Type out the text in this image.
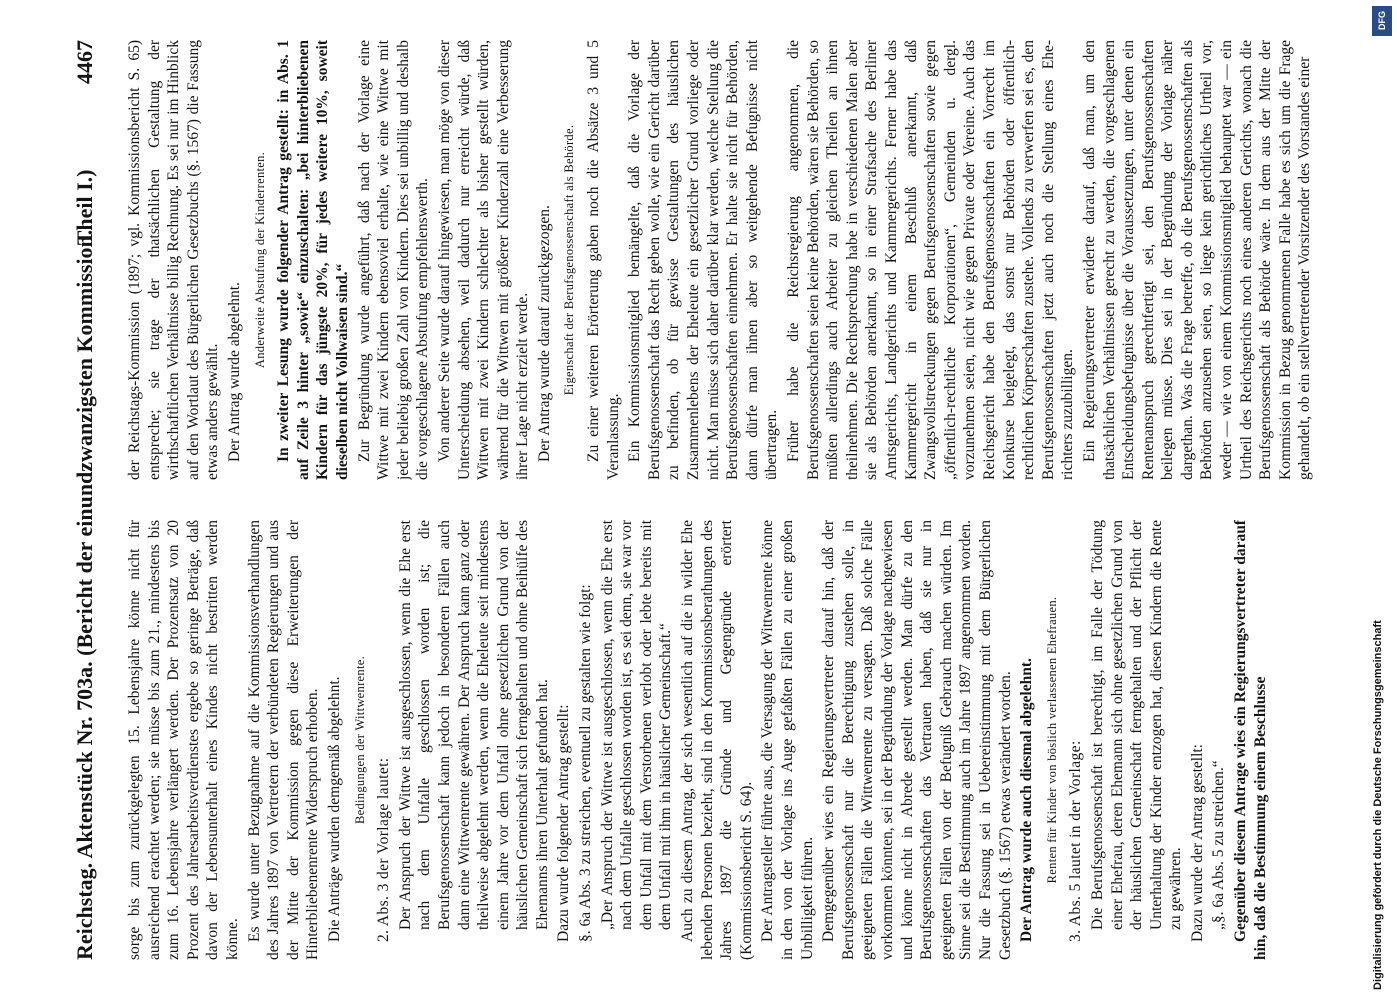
Reichstag. Aktenstück Nr. 703a. (Bericht der einundzwanzigsten Kommission.
Theil I.) 4467

sorge bis zum zurückgelegten 15. Lebensjahre könne nicht für ausreichend erachtet werden; sie müsse bis zum 21., mindestens bis zum 16. Lebensjahre verlängert werden. Der Prozentsatz von 20 Prozent des Jahresarbeitsverdienstes ergebe so geringe Beträge, daß davon der Lebensunterhalt eines Kindes nicht bestritten werden könne. Es wurde unter Bezugnahme auf die Kommissionsverhandlungen des Jahres 1897 von Vertretern der verbündeten Regierungen und aus der Mitte der Kommission gegen diese Erweiterungen der Hinterbliebenenrente Widerspruch erhoben. Die Anträge wurden demgemäß abgelehnt. Bedingungen der Wittwenrente.

2. Abs. 3 der Vorlage lautet: Der Anspruch der Wittwe ist ausgeschlossen, wenn die Ehe erst nach dem Unfalle geschlossen worden ist; die Berufsgenossenschaft kann jedoch in besonderen Fällen auch dann eine Wittwenrente gewähren. Der Anspruch kann ganz oder theilweise abgelehnt werden, wenn die Eheleute seit mindestens einem Jahre vor dem Unfall ohne gesetzlichen Grund von der häuslichen Gemeinschaft sich ferngehalten und ohne Beihülfe des Ehemanns ihren Unterhalt gefunden hat. Dazu wurde folgender Antrag gestellt: §. 6a Abs. 3 zu streichen, eventuell zu gestalten wie folgt: „Der Anspruch der Wittwe ist ausgeschlossen, wenn die Ehe erst nach dem Unfalle geschlossen worden ist, es sei denn, sie war vor dem Unfall mit dem Verstorbenen verlobt oder lebte bereits mit dem Unfall mit ihm in häuslicher Gemeinschaft.“ Auch zu diesem Antrag, der sich wesentlich auf die in wilder Ehe lebenden Personen bezieht, sind in den Kommissionsberathungen des Jahres 1897 die Gründe und Gegengründe erörtert (Kommissionsbericht S. 64). Der Antragsteller führte aus, die Versagung der Wittwenrente könne in den von der Vorlage ins Auge gefaßten Fällen zu einer großen Unbilligkeit führen. Demgegenüber wies ein Regierungsvertreter darauf hin, daß der Berufsgenossenschaft nur die Berechtigung zustehen solle, in geeigneten Fällen die Wittwenrente zu versagen. Daß solche Fälle vorkommen könnten, sei in der Begründung der Vorlage nachgewiesen und könne nicht in Abrede gestellt werden. Man dürfe zu den Berufsgenossenschaften das Vertrauen haben, daß sie nur in geeigneten Fällen von der Befugniß Gebrauch machen würden. Im Sinne sei die Bestimmung auch im Jahre 1897 angenommen worden. Nur die Fassung sei in Uebereinstimmung mit dem Bürgerlichen Gesetzbuch (§. 1567) etwas verändert worden. Der Antrag wurde auch diesmal abgelehnt. Renten für Kinder von böslich verlassenen Ehefrauen. 3. Abs. 5 lautet in der Vorlage: Die Berufsgenossenschaft ist berechtigt, im Falle der Tödtung einer Ehefrau, deren Ehemann sich ohne gesetzlichen Grund von der häuslichen Gemeinschaft ferngehalten und der Pflicht der Unterhaltung der Kinder entzogen hat, diesen Kindern die Rente zu gewähren. Dazu wurde der Antrag gestellt: „§. 6a Abs. 5 zu streichen.“ Gegenüber diesem Antrage wies ein Regierungsvertreter darauf hin, daß die Bestimmung einem Beschlusse

der Reichstags-Kommission (1897; vgl. Kommissionsbericht S. 65) entspreche; sie trage der thatsächlichen Gestaltung der wirthschaftlichen Verhältnisse billig Rechnung. Es sei nur im Hinblick auf den Wortlaut des Bürgerlichen Gesetzbuchs (§. 1567) die Fassung etwas anders gewählt. Der Antrag wurde abgelehnt.

Anderweite Abstufung der Kinderrenten. In zweiter Lesung wurde folgender Antrag gestellt: in Abs. 1 auf Zeile 3 hinter „sowie“ einzuschalten: „bei hinterbliebenen Kindern für das jüngste 20%, für jedes weitere 10%, soweit dieselben nicht Vollwaisen sind.“ Zur Begründung wurde angeführt, daß nach der Vorlage eine Wittwe mit zwei Kindern ebensoviel erhalte, wie eine Wittwe mit jeder beliebig großen Zahl von Kindern. Dies sei unbillig und deshalb die vorgeschlagene Abstufung empfehlenswerth. Von anderer Seite wurde darauf hingewiesen, man möge von dieser Unterscheidung absehen, weil dadurch nur erreicht würde, daß Wittwen mit zwei Kindern schlechter als bisher gestellt würden, während für die Wittwen mit größerer Kinderzahl eine Verbesserung ihrer Lage nicht erzielt werde. Der Antrag wurde darauf zurückgezogen. Eigenschaft der Berufsgenossenschaft als Behörde. Zu einer weiteren Erörterung gaben noch die Absätze 3 und 5 Veranlassung. Ein Kommissionsmitglied bemängelte, daß die Vorlage der Berufsgenossenschaft das Recht geben wolle, wie ein Gericht darüber zu befinden, ob für gewisse Gestaltungen des häuslichen Zusammenlebens der Eheleute ein gesetzlicher Grund vorliege oder nicht. Man müsse sich daher darüber klar werden, welche Stellung die Berufsgenossenschaften einnehmen. Er halte sie nicht für Behörden, dann dürfe man ihnen aber so weitgehende Befugnisse nicht übertragen. Früher habe die Reichsregierung angenommen, die Berufsgenossenschaften seien keine Behörden, wären sie Behörden, so müßten allerdings auch Arbeiter zu gleichen Theilen an ihnen theilnehmen. Die Rechtsprechung habe in verschiedenen Malen aber sie als Behörden anerkannt, so in einer Strafsache des Berliner Amtsgerichts, Landgerichts und Kammergerichts. Ferner habe das Kammergericht in einem Beschluß anerkannt, daß Zwangsvollstreckungen gegen Berufsgenossenschaften sowie gegen „öffentlich-rechtliche Korporationen“, Gemeinden u. dergl. vorzunehmen seien, nicht wie gegen Private oder Vereine. Auch das Reichsgericht habe den Berufsgenossenschaften ein Vorrecht im Konkurse beigelegt, das sonst nur Behörden oder öffentlich-rechtlichen Körperschaften zustehe. Vollends zu verwerfen sei es, den Berufsgenossenschaften jetzt auch noch die Stellung eines Ehe-richters zuzubilligen. Ein Regierungsvertreter erwiderte darauf, daß man, um den thatsächlichen Verhältnissen gerecht zu werden, die vorgeschlagenen Entscheidungsbefugnisse über die Voraussetzungen, unter denen ein Rentenanspruch gerechtfertigt sei, den Berufsgenossenschaften beilegen müsse. Dies sei in der Begründung der Vorlage näher dargethan. Was die Frage betreffe, ob die Berufsgenossenschaften als Behörden anzusehen seien, so liege kein gerichtliches Urtheil vor, weder — wie von einem Kommissionsmitglied behauptet war — ein Urtheil des Reichsgerichts noch eines anderen Gerichts, wonach die Berufsgenossenschaft als Behörde wäre. In dem aus der Mitte der Kommission in Bezug genommenen Falle habe es sich um die Frage gehandelt, ob ein stellvertretender Vorsitzender des Vorstandes einer

Digitalisierung gefördert durch die Deutsche Forschungsgemeinschaft
DFG
